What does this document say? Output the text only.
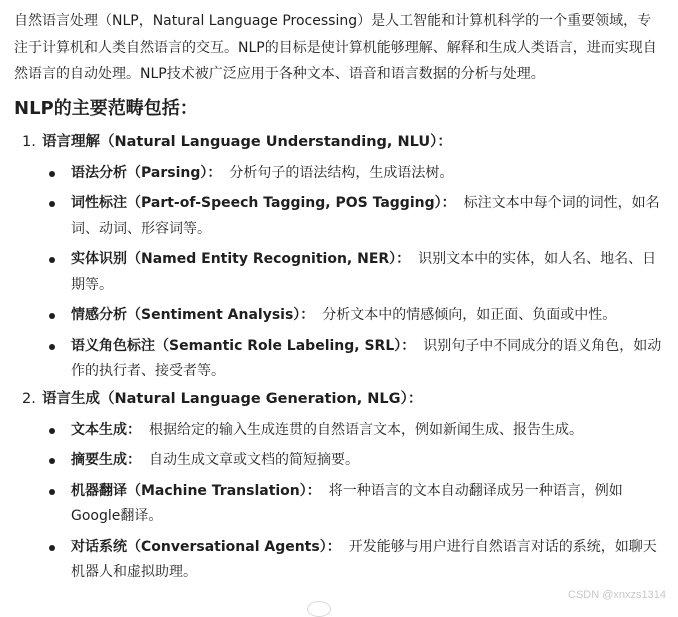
自然语言处理（NLP，Natural Language Processing）是人工智能和计算机科学的一个重要领域，专注于计算机和人类自然语言的交互。NLP的目标是使计算机能够理解、解释和生成人类语言，进而实现自然语言的自动处理。NLP技术被广泛应用于各种文本、语音和语言数据的分析与处理。

NLP的主要范畴包括：
1. 语言理解（Natural Language Understanding, NLU）：
语法分析（Parsing）： 分析句子的语法结构，生成语法树。
词性标注（Part-of-Speech Tagging, POS Tagging）： 标注文本中每个词的词性，如名词、动词、形容词等。
实体识别（Named Entity Recognition, NER）： 识别文本中的实体，如人名、地名、日期等。
情感分析（Sentiment Analysis）： 分析文本中的情感倾向，如正面、负面或中性。
语义角色标注（Semantic Role Labeling, SRL）： 识别句子中不同成分的语义角色，如动作的执行者、接受者等。
2. 语言生成（Natural Language Generation, NLG）：
文本生成： 根据给定的输入生成连贯的自然语言文本，例如新闻生成、报告生成。
摘要生成： 自动生成文章或文档的简短摘要。
机器翻译（Machine Translation）： 将一种语言的文本自动翻译成另一种语言，例如Google翻译。
对话系统（Conversational Agents）： 开发能够与用户进行自然语言对话的系统，如聊天机器人和虚拟助理。
CSDN @xnxzs1314
